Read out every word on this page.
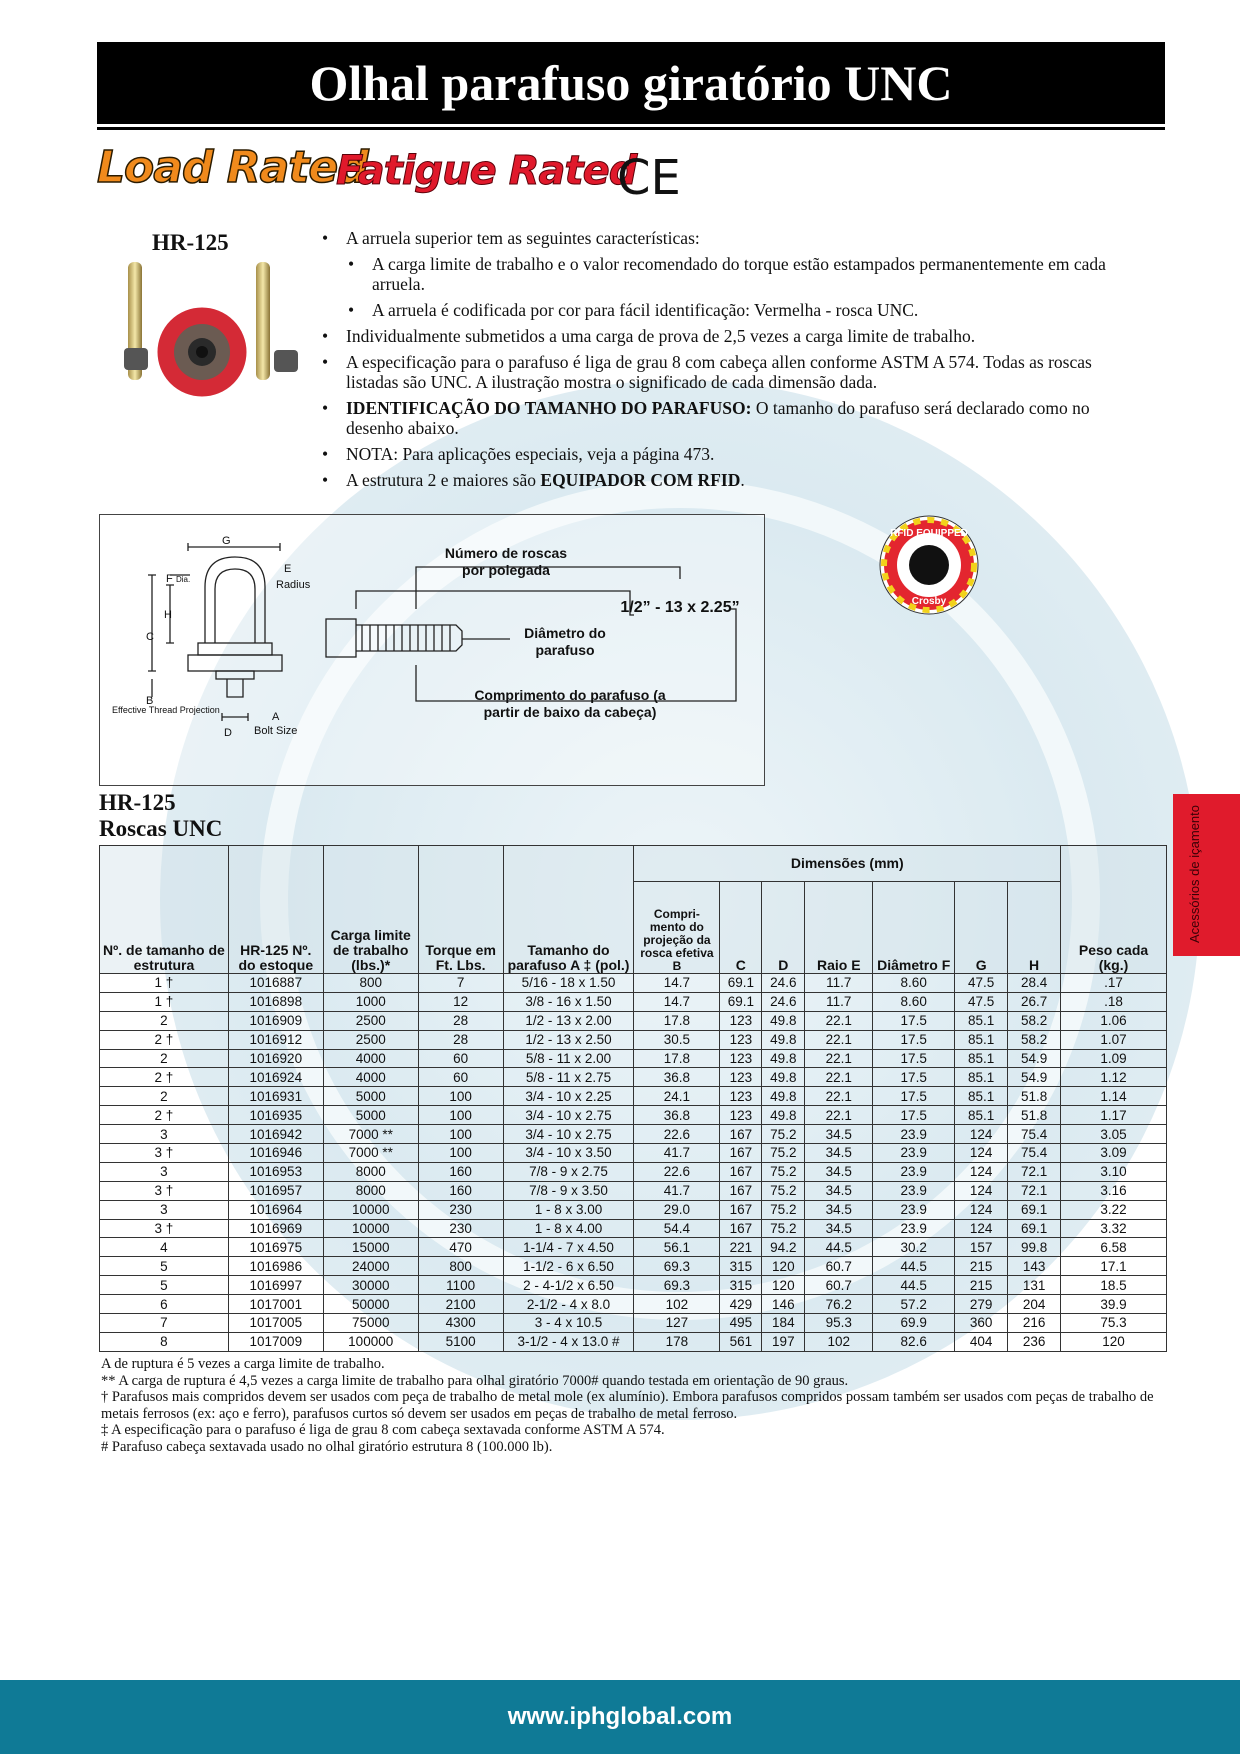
Olhal parafuso giratório UNC
Load Rated
Fatigue Rated
CE
HR-125	• A arruela superior tem as seguintes características:
• A carga limite de trabalho e o valor recomendado do torque estão estampados permanentemente em cada arruela.
• A arruela é codificada por cor para fácil identificação: Vermelha - rosca UNC.
• Individualmente submetidos a uma carga de prova de 2,5 vezes a carga limite de trabalho.
• A especificação para o parafuso é liga de grau 8 com cabeça allen conforme ASTM A 574. Todas as roscas listadas são UNC. A ilustração mostra o significado de cada dimensão dada.
• IDENTIFICAÇÃO DO TAMANHO DO PARAFUSO: O tamanho do parafuso será declarado como no desenho abaixo.
• NOTA: Para aplicações especiais, veja a página 473.
• A estrutura 2 e maiores são EQUIPADOR COM RFID.
Número de roscas por polegada
1/2” - 13 x 2.25”
Diâmetro do parafuso
Comprimento do parafuso (a partir de baixo da cabeça)
G
E
Radius
F Dia.
H
C
B
A
D
Effective Thread Projection
Bolt Size
RFID EQUIPPED
Crosby
Acessórios de içamento
HR-125
Roscas UNC
Nº. de tamanho de estrutura	HR-125 Nº. do estoque	Carga limite de trabalho (lbs.)*	Torque em Ft. Lbs.	Tamanho do parafuso A ‡ (pol.)	Dimensões (mm)							Peso cada (kg.)
					Compri-mento do projeção da rosca efetiva B	C	D	Raio E	Diâmetro F	G	H	
1 †	1016887	800	7	5/16 - 18 x 1.50	14.7	69.1	24.6	11.7	8.60	47.5	28.4	.17
1 †	1016898	1000	12	3/8 - 16 x 1.50	14.7	69.1	24.6	11.7	8.60	47.5	26.7	.18
2	1016909	2500	28	1/2 - 13 x 2.00	17.8	123	49.8	22.1	17.5	85.1	58.2	1.06
2 †	1016912	2500	28	1/2 - 13 x 2.50	30.5	123	49.8	22.1	17.5	85.1	58.2	1.07
2	1016920	4000	60	5/8 - 11 x 2.00	17.8	123	49.8	22.1	17.5	85.1	54.9	1.09
2 †	1016924	4000	60	5/8 - 11 x 2.75	36.8	123	49.8	22.1	17.5	85.1	54.9	1.12
2	1016931	5000	100	3/4 - 10 x 2.25	24.1	123	49.8	22.1	17.5	85.1	51.8	1.14
2 †	1016935	5000	100	3/4 - 10 x 2.75	36.8	123	49.8	22.1	17.5	85.1	51.8	1.17
3	1016942	7000 **	100	3/4 - 10 x 2.75	22.6	167	75.2	34.5	23.9	124	75.4	3.05
3 †	1016946	7000 **	100	3/4 - 10 x 3.50	41.7	167	75.2	34.5	23.9	124	75.4	3.09
3	1016953	8000	160	7/8 - 9 x 2.75	22.6	167	75.2	34.5	23.9	124	72.1	3.10
3 †	1016957	8000	160	7/8 - 9 x 3.50	41.7	167	75.2	34.5	23.9	124	72.1	3.16
3	1016964	10000	230	1 - 8 x 3.00	29.0	167	75.2	34.5	23.9	124	69.1	3.22
3 †	1016969	10000	230	1 - 8 x 4.00	54.4	167	75.2	34.5	23.9	124	69.1	3.32
4	1016975	15000	470	1-1/4 - 7 x 4.50	56.1	221	94.2	44.5	30.2	157	99.8	6.58
5	1016986	24000	800	1-1/2 - 6 x 6.50	69.3	315	120	60.7	44.5	215	143	17.1
5	1016997	30000	1100	2 - 4-1/2 x 6.50	69.3	315	120	60.7	44.5	215	131	18.5
6	1017001	50000	2100	2-1/2 - 4 x 8.0	102	429	146	76.2	57.2	279	204	39.9
7	1017005	75000	4300	3 - 4 x 10.5	127	495	184	95.3	69.9	360	216	75.3
8	1017009	100000	5100	3-1/2 - 4 x 13.0 #	178	561	197	102	82.6	404	236	120
A de ruptura é 5 vezes a carga limite de trabalho.
** A carga de ruptura é 4,5 vezes a carga limite de trabalho para olhal giratório 7000# quando testada em orientação de 90 graus.
† Parafusos mais compridos devem ser usados com peça de trabalho de metal mole (ex alumínio). Embora parafusos compridos possam também ser usados com peças de trabalho de metais ferrosos (ex: aço e ferro), parafusos curtos só devem ser usados em peças de trabalho de metal ferroso.
‡ A especificação para o parafuso é liga de grau 8 com cabeça sextavada conforme ASTM A 574.
# Parafuso cabeça sextavada usado no olhal giratório estrutura 8 (100.000 lb).
www.iphglobal.com
